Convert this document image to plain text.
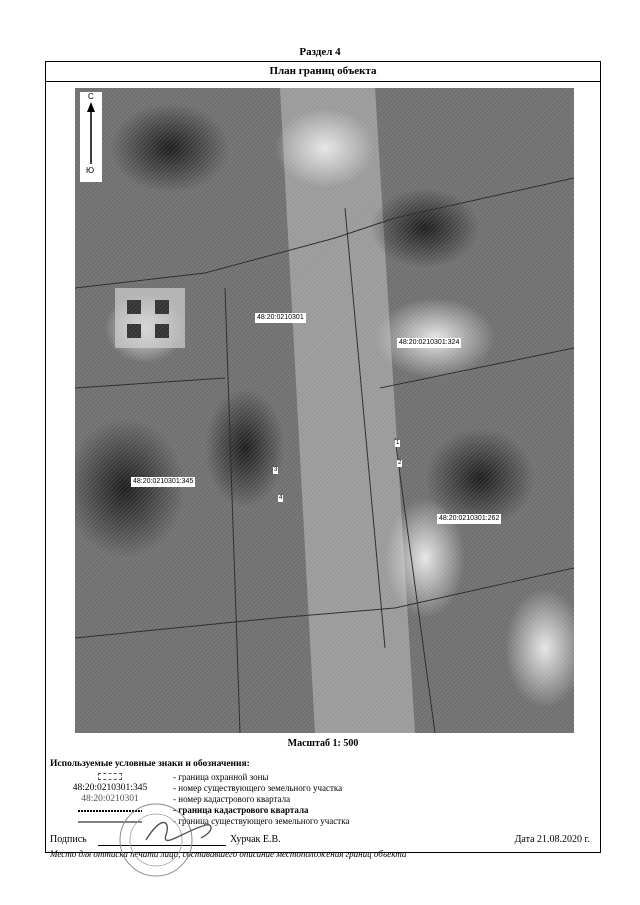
Раздел 4
План границ объекта
С
Ю
48:20:0210301
48:20:0210301:324
48:20:0210301:345
48:20:0210301:262
1
2
3
4
Масштаб 1: 500
Используемые условные знаки и обозначения:
- граница охранной зоны
48:20:0210301:345	- номер существующего земельного участка
48:20:0210301	- номер кадастрового квартала
- граница кадастрового квартала
- граница существующего земельного участка
Подпись	Хурчак Е.В.	Дата 21.08.2020 г.
Место для оттиска печати лица, составившего описание местоположения границ объекта
